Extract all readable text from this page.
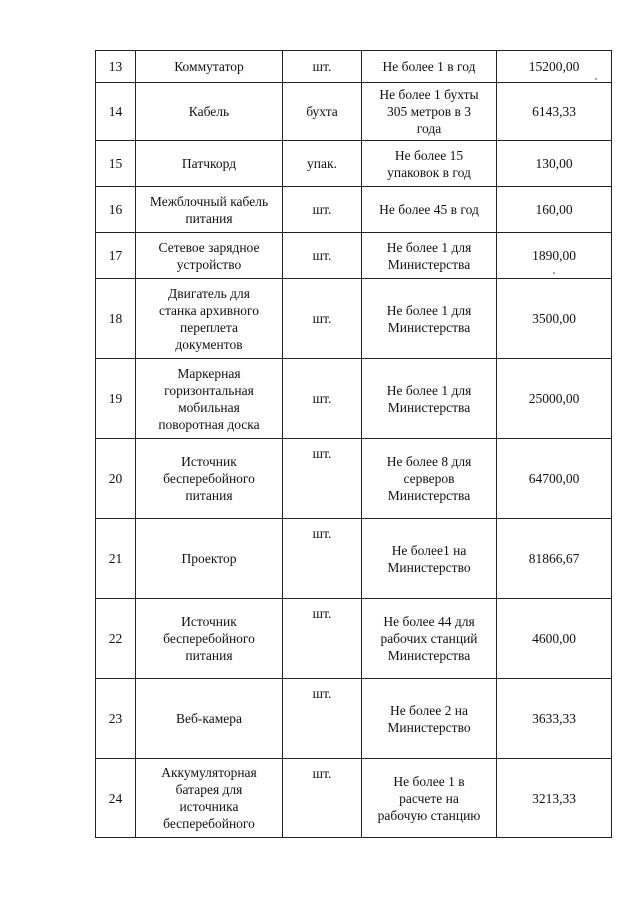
13	Коммутатор	шт.	Не более 1 в год	15200,00
14	Кабель	бухта	Не более 1 бухты
305 метров в 3
года	6143,33
15	Патчкорд	упак.	Не более 15
упаковок в год	130,00
16	Межблочный кабель
питания	шт.	Не более 45 в год	160,00
17	Сетевое зарядное
устройство	шт.	Не более 1 для
Министерства	1890,00
18	Двигатель для
станка архивного
переплета
документов	шт.	Не более 1 для
Министерства	3500,00
19	Маркерная
горизонтальная
мобильная
поворотная доска	шт.	Не более 1 для
Министерства	25000,00
20	Источник
бесперебойного
питания	шт.	Не более 8 для
серверов
Министерства	64700,00
21	Проектор	шт.	Не более1 на
Министерство	81866,67
22	Источник
бесперебойного
питания	шт.	Не более 44 для
рабочих станций
Министерства	4600,00
23	Веб-камера	шт.	Не более 2 на
Министерство	3633,33
24	Аккумуляторная
батарея для
источника
бесперебойного	шт.	Не более 1 в
расчете на
рабочую станцию	3213,33
